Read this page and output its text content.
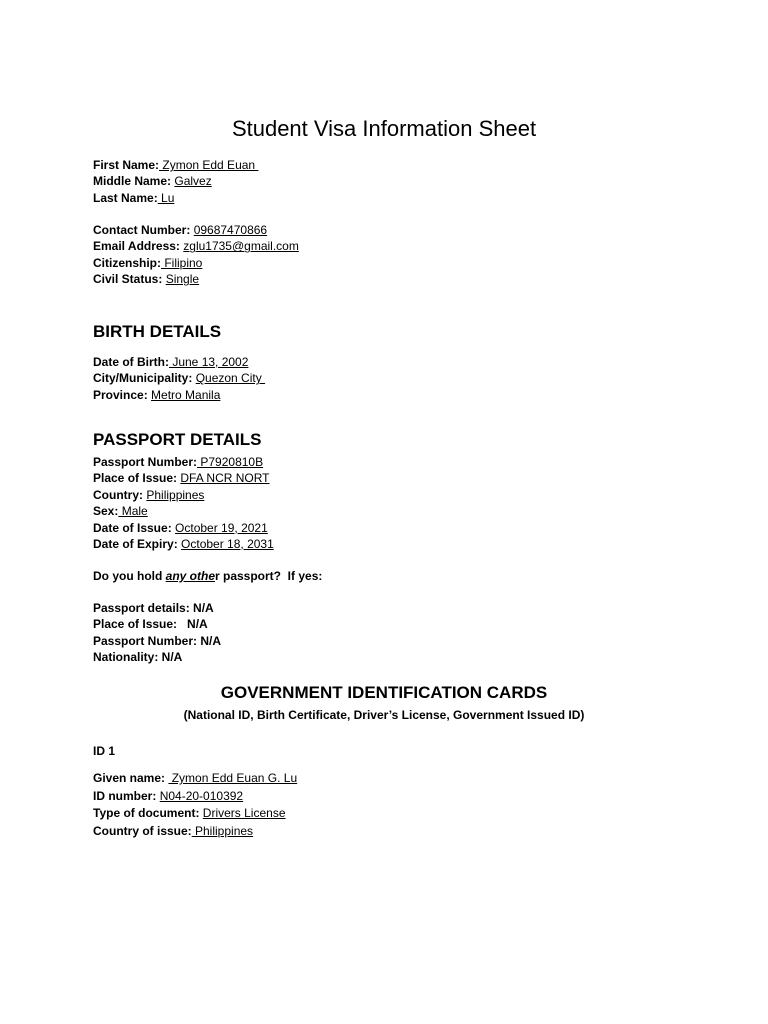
Student Visa Information Sheet
First Name: Zymon Edd Euan
Middle Name: Galvez
Last Name: Lu
Contact Number: 09687470866
Email Address: zglu1735@gmail.com
Citizenship: Filipino
Civil Status: Single
BIRTH DETAILS
Date of Birth: June 13, 2002
City/Municipality: Quezon City
Province: Metro Manila
PASSPORT DETAILS
Passport Number: P7920810B
Place of Issue: DFA NCR NORT
Country: Philippines
Sex: Male
Date of Issue: October 19, 2021
Date of Expiry: October 18, 2031
Do you hold any other passport?  If yes:
Passport details: N/A
Place of Issue:   N/A
Passport Number: N/A
Nationality: N/A
GOVERNMENT IDENTIFICATION CARDS
(National ID, Birth Certificate, Driver’s License, Government Issued ID)
ID 1
Given name:  Zymon Edd Euan G. Lu
ID number: N04-20-010392
Type of document: Drivers License
Country of issue: Philippines
